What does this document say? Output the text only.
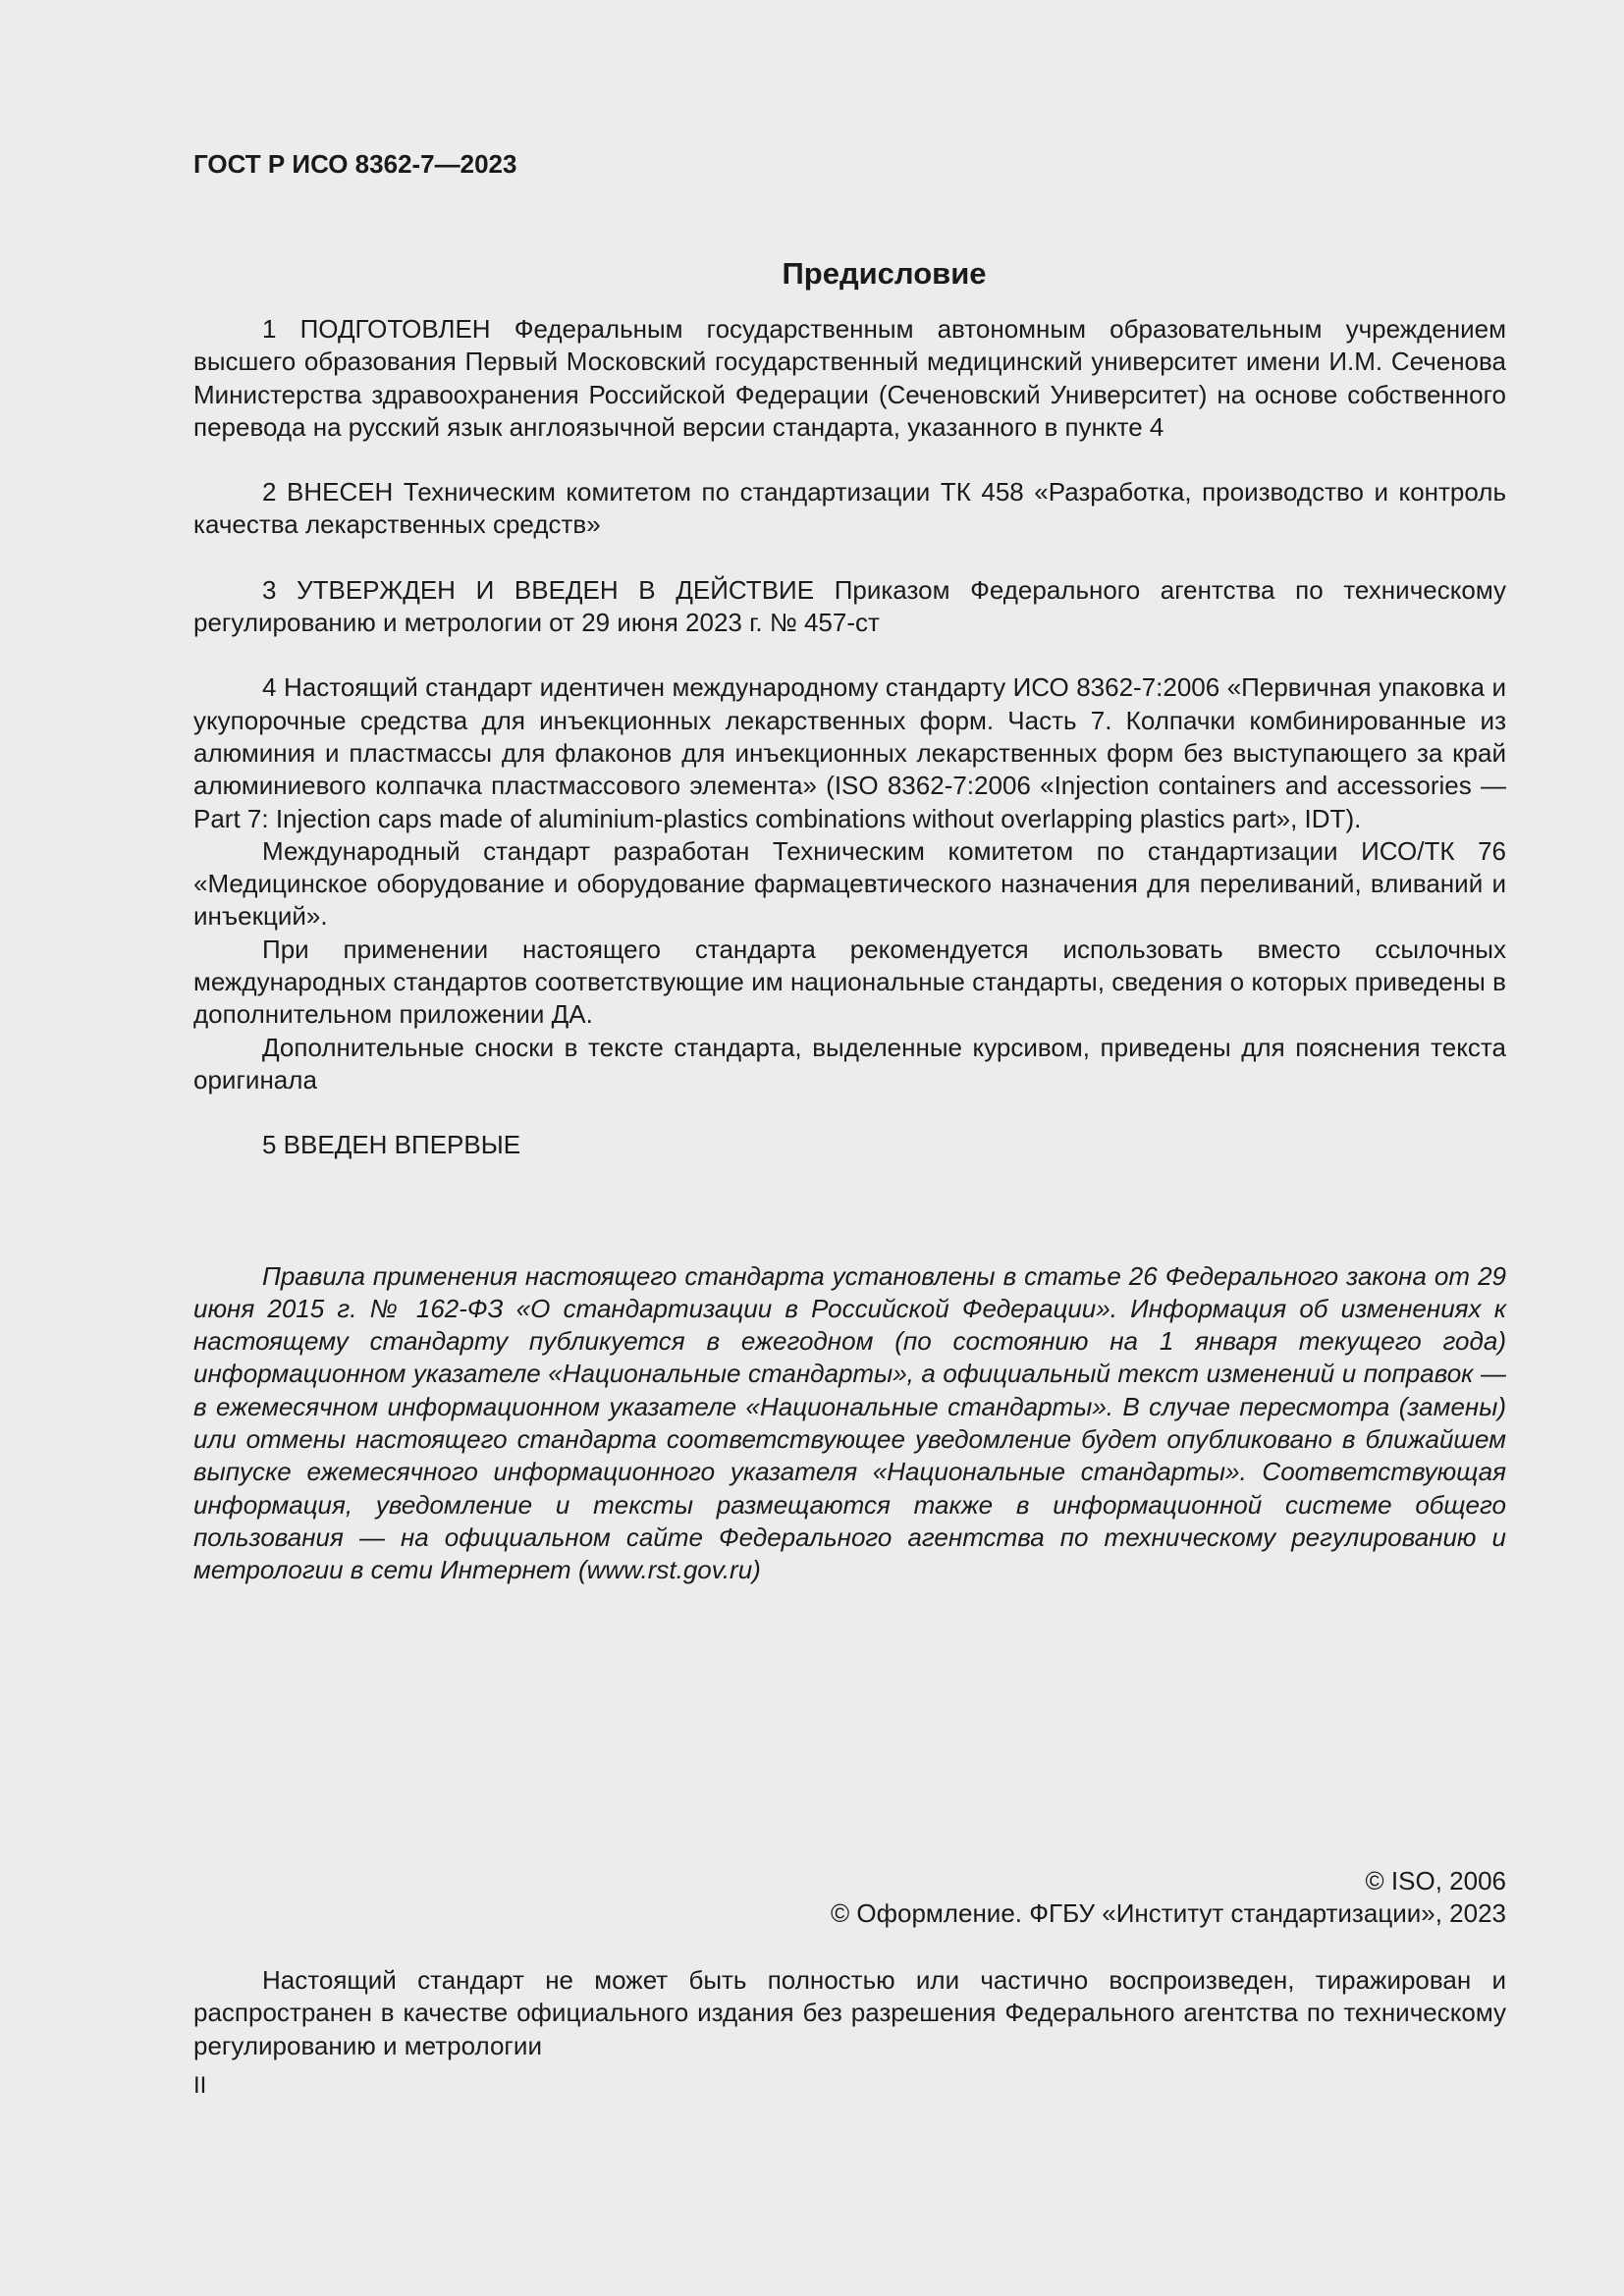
ГОСТ Р ИСО 8362-7—2023

Предисловие

1 ПОДГОТОВЛЕН Федеральным государственным автономным образовательным учреждением высшего образования Первый Московский государственный медицинский университет имени И.М. Сеченова Министерства здравоохранения Российской Федерации (Сеченовский Университет) на основе собственного перевода на русский язык англоязычной версии стандарта, указанного в пункте 4

2 ВНЕСЕН Техническим комитетом по стандартизации ТК 458 «Разработка, производство и контроль качества лекарственных средств»

3 УТВЕРЖДЕН И ВВЕДЕН В ДЕЙСТВИЕ Приказом Федерального агентства по техническому регулированию и метрологии от 29 июня 2023 г. № 457-ст

4 Настоящий стандарт идентичен международному стандарту ИСО 8362-7:2006 «Первичная упаковка и укупорочные средства для инъекционных лекарственных форм. Часть 7. Колпачки комбинированные из алюминия и пластмассы для флаконов для инъекционных лекарственных форм без выступающего за край алюминиевого колпачка пластмассового элемента» (ISO 8362-7:2006 «Injection containers and accessories — Part 7: Injection caps made of aluminium-plastics combinations without overlapping plastics part», IDT).

Международный стандарт разработан Техническим комитетом по стандартизации ИСО/ТК 76 «Медицинское оборудование и оборудование фармацевтического назначения для переливаний, вливаний и инъекций».

При применении настоящего стандарта рекомендуется использовать вместо ссылочных международных стандартов соответствующие им национальные стандарты, сведения о которых приведены в дополнительном приложении ДА.

Дополнительные сноски в тексте стандарта, выделенные курсивом, приведены для пояснения текста оригинала

5 ВВЕДЕН ВПЕРВЫЕ

Правила применения настоящего стандарта установлены в статье 26 Федерального закона от 29 июня 2015 г. № 162-ФЗ «О стандартизации в Российской Федерации». Информация об изменениях к настоящему стандарту публикуется в ежегодном (по состоянию на 1 января текущего года) информационном указателе «Национальные стандарты», а официальный текст изменений и поправок — в ежемесячном информационном указателе «Национальные стандарты». В случае пересмотра (замены) или отмены настоящего стандарта соответствующее уведомление будет опубликовано в ближайшем выпуске ежемесячного информационного указателя «Национальные стандарты». Соответствующая информация, уведомление и тексты размещаются также в информационной системе общего пользования — на официальном сайте Федерального агентства по техническому регулированию и метрологии в сети Интернет (www.rst.gov.ru)

© ISO, 2006
© Оформление. ФГБУ «Институт стандартизации», 2023

Настоящий стандарт не может быть полностью или частично воспроизведен, тиражирован и распространен в качестве официального издания без разрешения Федерального агентства по техническому регулированию и метрологии

II
